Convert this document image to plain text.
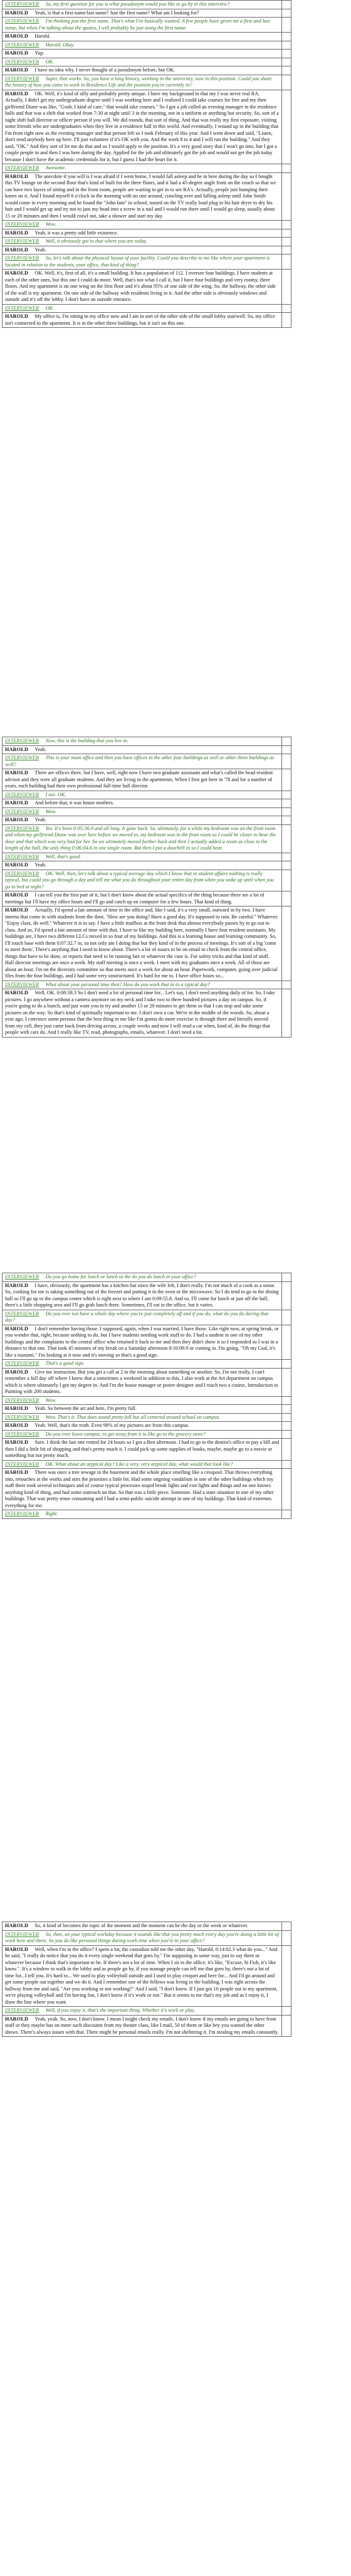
INTERVIEWER So, my first question for you is what pseudonym would you like to go by in this interview?	
HAROLD Yeah, is that a first name/last name? Just the first name? What am I looking for?	
INTERVIEWER I'm thinking just the first name. That's what I've basically wanted. A few people have given me a first and last name, but when I'm talking about the quotes, I will probably be just using the first name.	
HAROLD Harold.	
INTERVIEWER Harold. Okay.	
HAROLD Yup.	
INTERVIEWER OK.	
HAROLD I have no idea why. I never thought of a pseudonym before, but OK.	
INTERVIEWER Super, that works. So, you have a long history, working in the university, now in this position. Could you share the history of how you came to work in Residence Life and the position you're currently in?	
HAROLD OK. Well, it's kind of silly and probably pretty unique. I have my background in that my I was never real RA. Actually, I didn't get my undergraduate degree until I was working here and I realized I could take courses for free and my then girlfriend Diane was like, "Gosh, I kind of care," that would take courses." So I got a job called an evening manager in the residence halls and that was a shift that worked from 7:30 at night until 3 in the morning, not in a uniform or anything but security. So, sort of a night shift hall director or officer person if you will. We did rounds, that sort of thing. And that was really my first exposure, visiting some friends who are undergraduates when they live in a residence hall in this world. And eventually, I wound up in the building that I'm from right now as the evening manager and that person left so I took February of this year. And I went down and said, "Listen, don't send anybody here up here. I'll just volunteer if it's OK with you. And the work 8 to 4 and I will run the building." And they said, "OK." And they sort of let me do that and so I would apply to the position. It's a very good story that I won't go into, but I got a couple people in and then I was here during the day. Applied for the job and ultimately got the job and would not get the job today because I don't have the academic credentials for it, but I guess I had the heart for it.	
INTERVIEWER Awesome.	
HAROLD The anecdote if you will is I was afraid if I went home, I would fall asleep and be in here during the day so I bought this TV lounge on the second floor that's kind of built for the three floors, and it had a 45-degree angle front on the couch so that we can have two layers of sitting and in the front room, people are waiting to get in to see RA's. Actually, people just bumping their knees on it. And I found myself 6 o'clock in the morning with no one around, crawling over and falling asleep until John Smith would come in every morning and he found the "John fam" in school, tossed on the TV really loud plug in his hair dryer to dry his hair and I would get up and try not to jam my head into a screw in a nail and I would run there until I would go sleep, usually about 15 or 20 minutes and then I would crawl out, take a shower and start my day.	
INTERVIEWER Wow.	
HAROLD Yeah, it was a pretty odd little existence.	
INTERVIEWER Well, it obviously got to that where you are today.	
HAROLD Yeah.	
INTERVIEWER So, let's talk about the physical layout of your facility. Could you describe to me like where your apartment is located in relation to the students, your office, that kind of thing?	
HAROLD OK. Well, it's, first of all, it's a small building. It has a population of 112. I oversee four buildings. I have students at each of the other ones, but this one I could do more. Well, that's not what I call it, but I have four buildings and very roomy, three floors. And my apartment is on one wing on the first floor and it's about 95% of one side of the wing. So, the hallway, the other side of the wall is my apartment. On one side of the hallway with residents living in it. And the other side is obviously windows and outside and it's off the lobby. I don't have an outside entrance.	
INTERVIEWER OK.	
HAROLD My office is, I'm sitting in my office now and I am in sort of the other side of the small lobby stairwell. So, my office isn't connected to the apartment. It is in the other three buildings, but it isn't on this one.	
INTERVIEWER Now, this is the building that you live in.	
HAROLD Yeah.	
INTERVIEWER This is your main office and then you have offices in the other four buildings as well or other three buildings as well?	
HAROLD There are offices there, but I have, well, right now I have two graduate assistants and what's called the head resident advisor and they were all graduate students. And they are living in the apartments. When I first got here in '78 and for a number of years, each building had their own professional full-time hall director.	
INTERVIEWER I see. OK.	
HAROLD And before that, it was house mothers.	
INTERVIEWER Wow.	
HAROLD Yeah.	
INTERVIEWER Yes. It's been 0:05:36.9 and all long. It gone back. So, ultimately, for a while my bedroom was on the front room and when my girlfriend Diane was over here before we moved in, my bedroom was in the front room so I could be closer to hear the door and that which was very bad for her. So we ultimately moved further back and then I actually added a room as close to the length of the hall, the only thing 0:06:04.6 in one single room. But then I put a doorbell in so I could hear.	
INTERVIEWER Well, that's good.	
HAROLD Yeah.	
INTERVIEWER OK. Well, then, let's talk about a typical average day which I know that in student affairs nothing is really typical, but could you go through a day and tell me what you do throughout your entire day from when you wake up until when you go to bed at night?	
HAROLD I can tell you the first part of it, but I don't know about the actual specifics of the thing because there are a lot of meetings but I'll have my office hours and I'll go and catch up on computer for a few hours. That kind of thing.	
HAROLD Actually, I'd spend a fair amount of time in the office and, like I said, it's a very small, outward in by two. I have interns that come in with students from the door, "How are you doing? Have a good day. It's supposed to rain. Be careful." Whatever. "Enjoy class, do well." Whatever it is to say. I have a little mailbox at the front desk that almost everybody passes by to go out to class. And so, I'd spend a fair amount of time with that. I have to like my building here, normally I have four resident assistants. My buildings are, I have two different LLCs mixed in so four of my buildings. And this is a learning house and learning community. So, I'll touch base with them 0:07:32.7 in, so not only am I doing that but they kind of in the process of meetings. It's sort of a big 'come to meet them'. There's anything that I need to know about. There's a lot of issues to be on email to check from the central office, things that have to be done, or reports that need to be running late or whatever the case is. For safety tricks and that kind of stuff. Hall director meetings are once a week. My staff meeting is once a week. I meet with my graduates once a week. All of those are about an hour. I'm on the diversity committee so that meets once a week for about an hour. Paperwork, computer, going over judicial files from the four buildings, and I had some very unstructured. It's hard for me to. I have office hours so...	
INTERVIEWER What about your personal time then? How do you work that in to a typical day?	
HAROLD Well, OK. 0:08:39.3 So I don't need a lot of personal time for... Let's say, I don't need anything daily of for. So, I take pictures. I go anywhere without a camera anymore on my neck and I take two to three hundred pictures a day on campus. So, if you're going to do a bunch, and just want you to try and another 15 or 20 minutes to get them so that I can stop and take some pictures on the way. So that's kind of spiritually important to me. I don't own a car. We're in the middle of the woods. So, about a year ago, I convince some persons that the best thing to me like I'm gonna do more exercise is through there and literally moved from my cell, they just came back from driving across, a couple weeks and now I will read a car when, kind of, do the things that people with cars do. And I really like TV, read, photographs, emails, whatever. I don't need a lot.	
INTERVIEWER Do you go home for lunch or lunch to the do you do lunch in your office?	
HAROLD I have, obviously, the apartment has a kitchen but since the wife left, I don't really. I'm not much of a cook as a sense. So, cooking for me is taking something out of the freezer and putting it in the oven or the microwave. So I do tend to go to the dining hall so I'll go up to the campus center which is right next to where I am 0:09:55.8. And so, I'll come for lunch or just off the hall, there's a little shopping area and I'll go grab lunch there. Sometimes, I'll eat in the office, but it varies.	
INTERVIEWER Do you ever not have a whole day where you're just completely off and if you do, what do you do during that day?	
HAROLD I don't remember having those. I supposed, again, when I was married, I have those. Like right now, at spring break, or you wonder that, right, because nothing to do, but I have students needing work stuff to do. I had a student in one of my other buildings and the complaints to the central office who returned it back to me and then they didn't show it so I responded so I was in a distance to that one. That took 45 minutes of my break on a Saturday afternoon 0:10:09.9 or coming in. I'm going, "Oh my God, it's like a tsunami." I'm looking at it now and it's moving so that's a good sign.	
INTERVIEWER That's a good sign.	
HAROLD Give me instruction. But you get a call at 2 in the morning about something or another. So, I'm not really, I can't remember a full day off where I knew that a sometimes a weekend in addition to this, I also work at the Art department on campus which is where ultimately I got my degree in. And I'm the house manager or poster designer and I teach two a course, Introduction to Painting with 200 students.	
INTERVIEWER Wow.	
HAROLD Yeah. So between the art and here, I'm pretty full.	
INTERVIEWER Wow. That's it. That does sound pretty full but all centered around school on campus.	
HAROLD Yeah. Well, that's the truth. Even 98% of my pictures are from this campus.	
INTERVIEWER Do you ever leave campus; to get away from it to like go to the grocery store?	
HAROLD Sure. I think the last one rented for 24 hours so I got a Ben afternoon. I had to go to the dentist's office to pay a bill and then I did a little bit of shopping and that's pretty much it. I could pick up some supplies of books, maybe, maybe go to a movie or something but not pretty much.	
INTERVIEWER OK. What about an atypical day? Like a very, very atypical day, what would that look like?	
HAROLD There was once a tree sewage in the basement and the whole place smelling like a cesspool. That throws everything into, retouches in the works and stirs the priorities a little bit. Had some ongoing vandalism in one of the other buildings which my staff there took several techniques and of course typical processes stupid break lights and exit lights and things and no one knows anything kind of thing, and had some outreach on that. So that was a little piece. Someone. Had a state situation in one of my other buildings. That was pretty tense consuming and I had a semi-public suicide attempt in one of my buildings. That kind of extremes everything for me.	
INTERVIEWER Right.	
HAROLD So, it kind of becomes the topic of the moment and the moment can be the day or the week or whatever.	
INTERVIEWER So, then, on your typical workday because it sounds like that you pretty much every day you're doing a little bit of work here and there. So you do like personal things during work time when you're in your office?	
HAROLD Well, when I'm in the office? I spent a lot, the custodian told me the other day, "Harold, 0:14:02.3 what do you..." And he said, "I really do notice that you do it every single weekend that goes by." I'm supposing in some way, just to say there or whatever because I think that's important to be. If there's not a lot of time. When I sit in the office, it's like, "Excuse, hi Fish, it's like know.". It's a window to walk in the lobby and as people go by, if you manage people can tell me that goes by, there's not a lot of time for...I tell you. It's hard to... We used to play volleyball outside and I used to play croquet and here for... And I'd go around and get some people out together and we do it. And I remember one of the fellows was living in the building, I was right across the hallway from me and said, "Are you working or not working?" And I said, "I don't know. If I just got 10 people out to my apartment, we're playing volleyball and I'm having fun, I don't know if it's work or not." But it seems to me that's my job and as I enjoy it, I draw the line where you want.	
INTERVIEWER Well, if you enjoy it, that's the important thing. Whether it's work or play.	
HAROLD Yeah, yeah. So, now, I don't know. I mean I might check my emails. I don't know if my emails are going to have from stuff or they maybe has on more such discounts from my theater class, like I mail, 50 of them or like hey you wanted the other shows. There's always issues with that. There might be personal emails really. I'm not sheltering it. I'm stealing my emails constantly.	
